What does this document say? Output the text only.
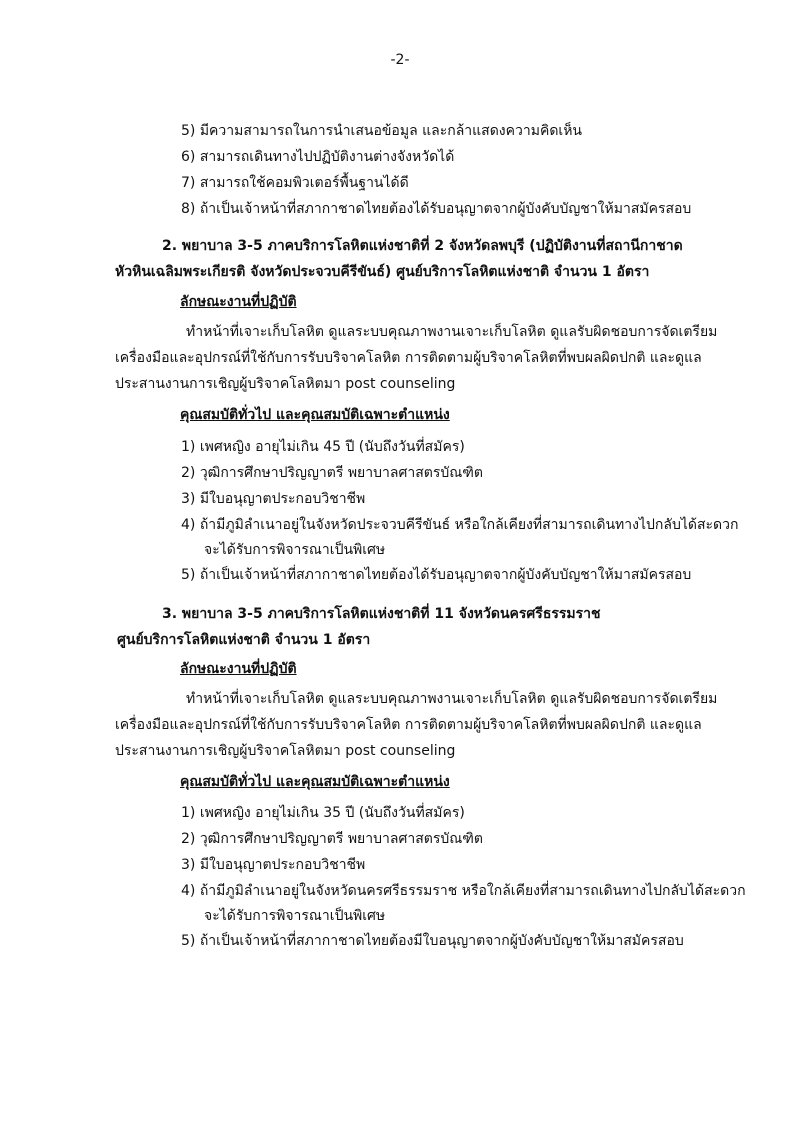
-2-
5) มีความสามารถในการนำเสนอข้อมูล และกล้าแสดงความคิดเห็น
6) สามารถเดินทางไปปฏิบัติงานต่างจังหวัดได้
7) สามารถใช้คอมพิวเตอร์พื้นฐานได้ดี
8) ถ้าเป็นเจ้าหน้าที่สภากาชาดไทยต้องได้รับอนุญาตจากผู้บังคับบัญชาให้มาสมัครสอบ
2. พยาบาล 3-5 ภาคบริการโลหิตแห่งชาติที่ 2 จังหวัดลพบุรี (ปฏิบัติงานที่สถานีกาชาด
หัวหินเฉลิมพระเกียรติ จังหวัดประจวบคีรีขันธ์) ศูนย์บริการโลหิตแห่งชาติ จำนวน 1 อัตรา
ลักษณะงานที่ปฏิบัติ
ทำหน้าที่เจาะเก็บโลหิต ดูแลระบบคุณภาพงานเจาะเก็บโลหิต ดูแลรับผิดชอบการจัดเตรียม
เครื่องมือและอุปกรณ์ที่ใช้กับการรับบริจาคโลหิต การติดตามผู้บริจาคโลหิตที่พบผลผิดปกติ และดูแล
ประสานงานการเชิญผู้บริจาคโลหิตมา post counseling
คุณสมบัติทั่วไป และคุณสมบัติเฉพาะตำแหน่ง
1) เพศหญิง อายุไม่เกิน 45 ปี (นับถึงวันที่สมัคร)
2) วุฒิการศึกษาปริญญาตรี พยาบาลศาสตรบัณฑิต
3) มีใบอนุญาตประกอบวิชาชีพ
4) ถ้ามีภูมิลำเนาอยู่ในจังหวัดประจวบคีรีขันธ์ หรือใกล้เคียงที่สามารถเดินทางไปกลับได้สะดวก
จะได้รับการพิจารณาเป็นพิเศษ
5) ถ้าเป็นเจ้าหน้าที่สภากาชาดไทยต้องได้รับอนุญาตจากผู้บังคับบัญชาให้มาสมัครสอบ
3. พยาบาล 3-5 ภาคบริการโลหิตแห่งชาติที่ 11 จังหวัดนครศรีธรรมราช
ศูนย์บริการโลหิตแห่งชาติ จำนวน 1 อัตรา
ลักษณะงานที่ปฏิบัติ
ทำหน้าที่เจาะเก็บโลหิต ดูแลระบบคุณภาพงานเจาะเก็บโลหิต ดูแลรับผิดชอบการจัดเตรียม
เครื่องมือและอุปกรณ์ที่ใช้กับการรับบริจาคโลหิต การติดตามผู้บริจาคโลหิตที่พบผลผิดปกติ และดูแล
ประสานงานการเชิญผู้บริจาคโลหิตมา post counseling
คุณสมบัติทั่วไป และคุณสมบัติเฉพาะตำแหน่ง
1) เพศหญิง อายุไม่เกิน 35 ปี (นับถึงวันที่สมัคร)
2) วุฒิการศึกษาปริญญาตรี พยาบาลศาสตรบัณฑิต
3) มีใบอนุญาตประกอบวิชาชีพ
4) ถ้ามีภูมิลำเนาอยู่ในจังหวัดนครศรีธรรมราช หรือใกล้เคียงที่สามารถเดินทางไปกลับได้สะดวก
จะได้รับการพิจารณาเป็นพิเศษ
5) ถ้าเป็นเจ้าหน้าที่สภากาชาดไทยต้องมีใบอนุญาตจากผู้บังคับบัญชาให้มาสมัครสอบ
